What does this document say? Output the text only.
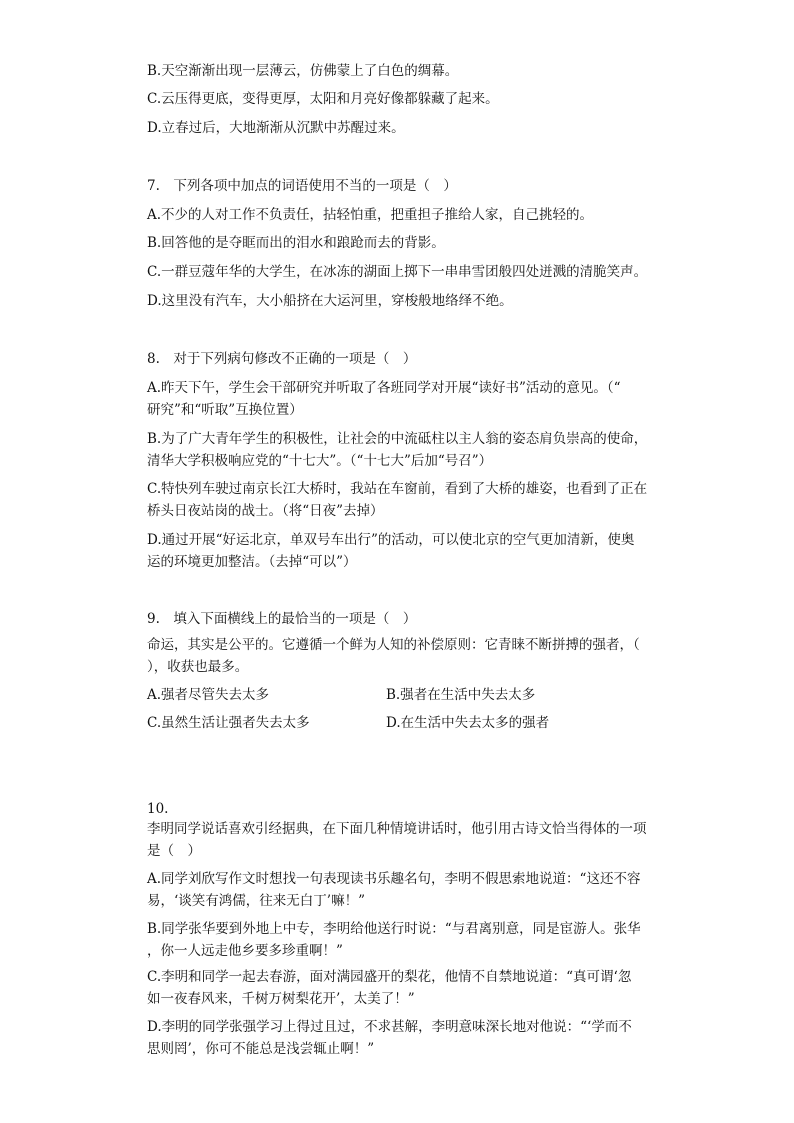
B.天空渐渐出现一层薄云，仿佛蒙上了白色的绸幕。
C.云压得更底，变得更厚，太阳和月亮好像都躲藏了起来。
D.立春过后，大地渐渐从沉默中苏醒过来。
7.　下列各项中加点的词语使用不当的一项是（　）
A.不少的人对工作不负责任，拈轻怕重，把重担子推给人家，自己挑轻的。
B.回答他的是夺眶而出的泪水和踉跄而去的背影。
C.一群豆蔻年华的大学生，在冰冻的湖面上掷下一串串雪团般四处迸溅的清脆笑声。
D.这里没有汽车，大小船挤在大运河里，穿梭般地络绎不绝。
8.　对于下列病句修改不正确的一项是（　）
A.昨天下午，学生会干部研究并听取了各班同学对开展“读好书”活动的意见。（“
研究”和“听取”互换位置）
B.为了广大青年学生的积极性，让社会的中流砥柱以主人翁的姿态肩负崇高的使命，
清华大学积极响应党的“十七大”。（“十七大”后加“号召”）
C.特快列车驶过南京长江大桥时，我站在车窗前，看到了大桥的雄姿，也看到了正在
桥头日夜站岗的战士。（将“日夜”去掉）
D.通过开展“好运北京，单双号车出行”的活动，可以使北京的空气更加清新，使奥
运的环境更加整洁。（去掉“可以”）
9.　填入下面横线上的最恰当的一项是（　）
命运，其实是公平的。它遵循一个鲜为人知的补偿原则：它青睐不断拼搏的强者，（
），收获也最多。
A.强者尽管失去太多	B.强者在生活中失去太多
C.虽然生活让强者失去太多	D.在生活中失去太多的强者
10.
李明同学说话喜欢引经据典，在下面几种情境讲话时，他引用古诗文恰当得体的一项
是（　）
A.同学刘欣写作文时想找一句表现读书乐趣名句，李明不假思索地说道：“这还不容
易，‘谈笑有鸿儒，往来无白丁’嘛！”
B.同学张华要到外地上中专，李明给他送行时说：“与君离别意，同是宦游人。张华
，你一人远走他乡要多珍重啊！”
C.李明和同学一起去春游，面对满园盛开的梨花，他情不自禁地说道：“真可谓‘忽
如一夜春风来，千树万树梨花开’，太美了！”
D.李明的同学张强学习上得过且过，不求甚解，李明意味深长地对他说：“‘学而不
思则罔’，你可不能总是浅尝辄止啊！”
